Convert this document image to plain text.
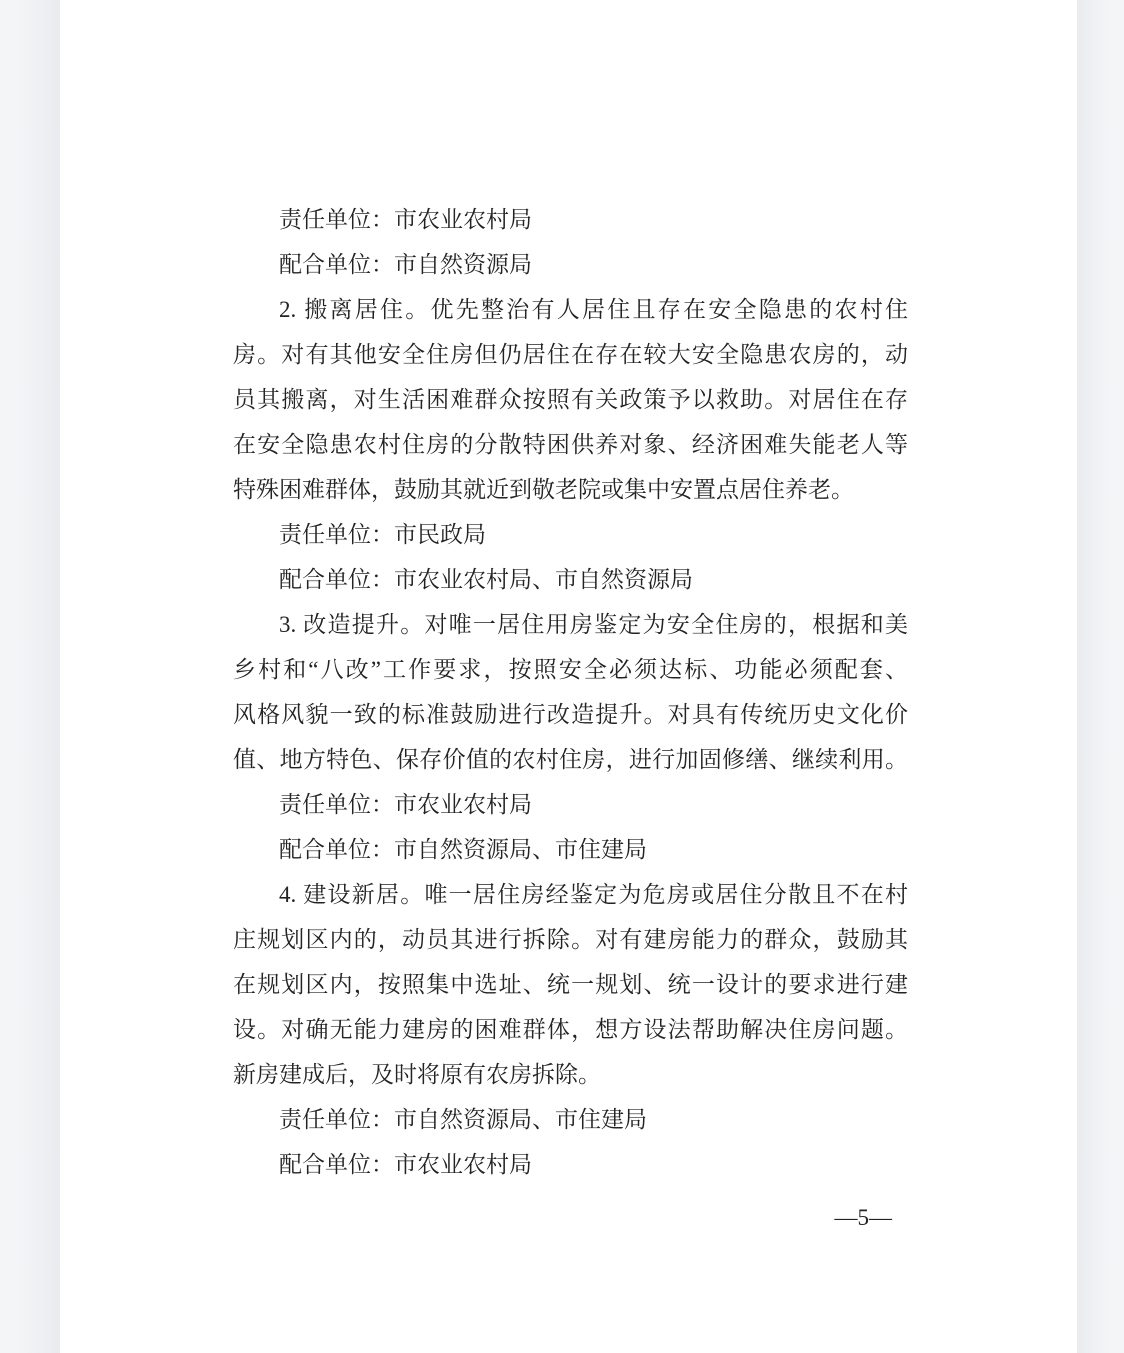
责任单位：市农业农村局
配合单位：市自然资源局
2. 搬离居住。优先整治有人居住且存在安全隐患的农村住
房。对有其他安全住房但仍居住在存在较大安全隐患农房的，动
员其搬离，对生活困难群众按照有关政策予以救助。对居住在存
在安全隐患农村住房的分散特困供养对象、经济困难失能老人等
特殊困难群体，鼓励其就近到敬老院或集中安置点居住养老。
责任单位：市民政局
配合单位：市农业农村局、市自然资源局
3. 改造提升。对唯一居住用房鉴定为安全住房的，根据和美
乡村和“八改”工作要求，按照安全必须达标、功能必须配套、
风格风貌一致的标准鼓励进行改造提升。对具有传统历史文化价
值、地方特色、保存价值的农村住房，进行加固修缮、继续利用。
责任单位：市农业农村局
配合单位：市自然资源局、市住建局
4. 建设新居。唯一居住房经鉴定为危房或居住分散且不在村
庄规划区内的，动员其进行拆除。对有建房能力的群众，鼓励其
在规划区内，按照集中选址、统一规划、统一设计的要求进行建
设。对确无能力建房的困难群体，想方设法帮助解决住房问题。
新房建成后，及时将原有农房拆除。
责任单位：市自然资源局、市住建局
配合单位：市农业农村局
—5—
